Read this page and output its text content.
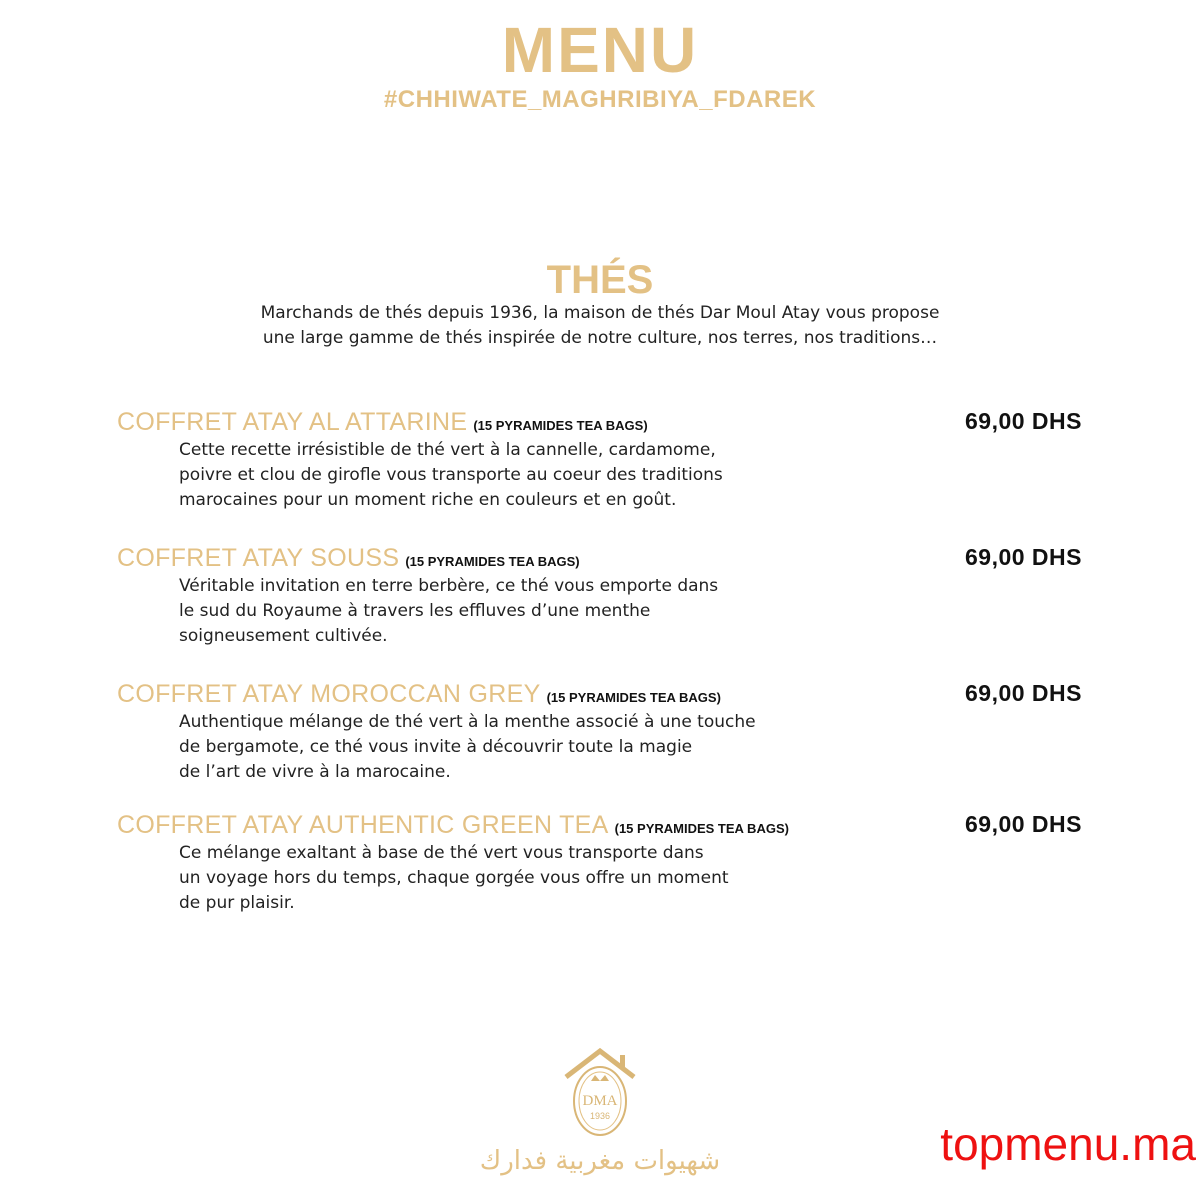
MENU
#CHHIWATE_MAGHRIBIYA_FDAREK
THÉS
Marchands de thés depuis 1936, la maison de thés Dar Moul Atay vous propose
une large gamme de thés inspirée de notre culture, nos terres, nos traditions…
COFFRET ATAY AL ATTARINE (15 PYRAMIDES TEA BAGS)	69,00 DHS

Cette recette irrésistible de thé vert à la cannelle, cardamome,
poivre et clou de girofle vous transporte au coeur des traditions
marocaines pour un moment riche en couleurs et en goût.

COFFRET ATAY SOUSS (15 PYRAMIDES TEA BAGS)	69,00 DHS

Véritable invitation en terre berbère, ce thé vous emporte dans
le sud du Royaume à travers les effluves d’une menthe
soigneusement cultivée.

COFFRET ATAY MOROCCAN GREY (15 PYRAMIDES TEA BAGS)	69,00 DHS

Authentique mélange de thé vert à la menthe associé à une touche
de bergamote, ce thé vous invite à découvrir toute la magie
de l’art de vivre à la marocaine.

COFFRET ATAY AUTHENTIC GREEN TEA (15 PYRAMIDES TEA BAGS)	69,00 DHS

Ce mélange exaltant à base de thé vert vous transporte dans
un voyage hors du temps, chaque gorgée vous offre un moment
de pur plaisir.

DMA
1936
شهيوات مغربية فدارك	topmenu.ma
